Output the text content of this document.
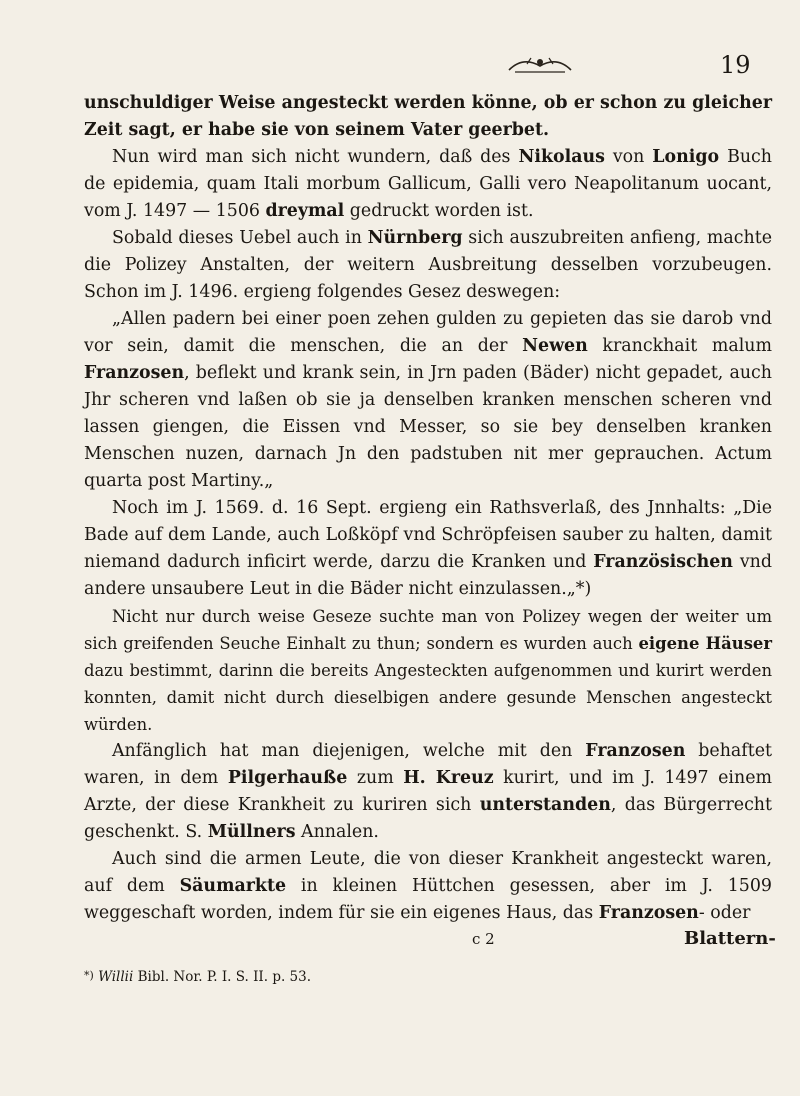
19

unschuldiger Weise angesteckt werden könne, ob er schon zu gleicher Zeit sagt, er habe sie von seinem Vater geerbet.

Nun wird man sich nicht wundern, daß des Nikolaus von Lonigo Buch de epidemia, quam Itali morbum Gallicum, Galli vero Neapolitanum uocant, vom J. 1497 — 1506 dreymal gedruckt worden ist.

Sobald dieses Uebel auch in Nürnberg sich auszubreiten anfieng, machte die Polizey Anstalten, der weitern Ausbreitung desselben vorzubeugen. Schon im J. 1496. ergieng folgendes Gesez deswegen:

„Allen padern bei einer poen zehen gulden zu gepieten das sie darob vnd vor sein, damit die menschen, die an der Newen kranckhait malum Franzosen, beflekt und krank sein, in Jrn paden (Bäder) nicht gepadet, auch Jhr scheren vnd laßen ob sie ja denselben kranken menschen scheren vnd lassen giengen, die Eissen vnd Messer, so sie bey denselben kranken Menschen nuzen, darnach Jn den padstuben nit mer geprauchen. Actum quarta post Martiny.„

Noch im J. 1569. d. 16 Sept. ergieng ein Rathsverlaß, des Jnnhalts: „Die Bade auf dem Lande, auch Loßköpf vnd Schröpfeisen sauber zu halten, damit niemand dadurch inficirt werde, darzu die Kranken und Französischen vnd andere unsaubere Leut in die Bäder nicht einzulassen.„*)

Nicht nur durch weise Geseze suchte man von Polizey wegen der weiter um sich greifenden Seuche Einhalt zu thun; sondern es wurden auch eigene Häuser dazu bestimmt, darinn die bereits Angesteckten aufgenommen und kurirt werden konnten, damit nicht durch dieselbigen andere gesunde Menschen angesteckt würden.

Anfänglich hat man diejenigen, welche mit den Franzosen behaftet waren, in dem Pilgerhauße zum H. Kreuz kurirt, und im J. 1497 einem Arzte, der diese Krankheit zu kuriren sich unterstanden, das Bürgerrecht geschenkt. S. Müllners Annalen.

Auch sind die armen Leute, die von dieser Krankheit angesteckt waren, auf dem Säumarkte in kleinen Hüttchen gesessen, aber im J. 1509 weggeschaft worden, indem für sie ein eigenes Haus, das Franzosen- oder

c 2	Blattern-
*) Willii Bibl. Nor. P. I. S. II. p. 53.
